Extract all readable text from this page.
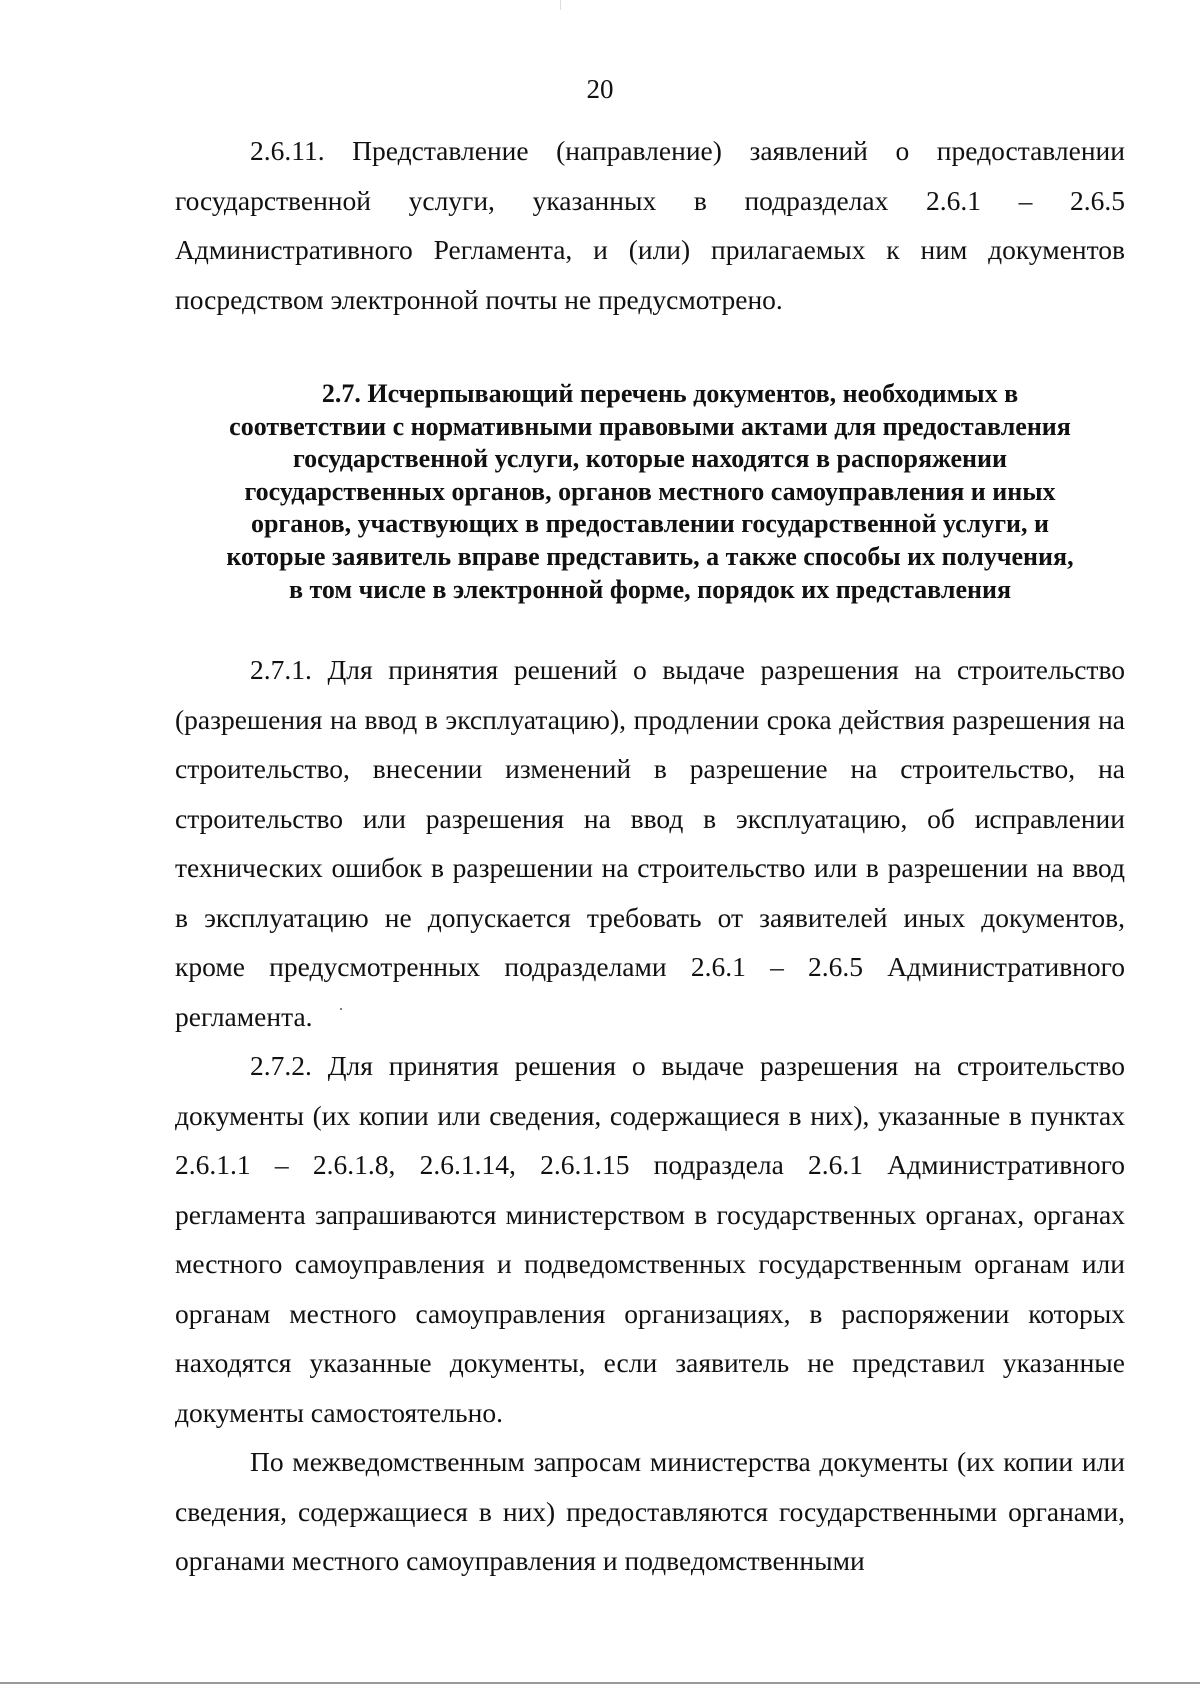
20

2.6.11. Представление (направление) заявлений о предоставлении государственной услуги, указанных в подразделах 2.6.1 – 2.6.5 Административного Регламента, и (или) прилагаемых к ним документов посредством электронной почты не предусмотрено.

2.7. Исчерпывающий перечень документов, необходимых в
соответствии с нормативными правовыми актами для предоставления
государственной услуги, которые находятся в распоряжении
государственных органов, органов местного самоуправления и иных
органов, участвующих в предоставлении государственной услуги, и
которые заявитель вправе представить, а также способы их получения,
в том числе в электронной форме, порядок их представления

2.7.1. Для принятия решений о выдаче разрешения на строительство (разрешения на ввод в эксплуатацию), продлении срока действия разрешения на строительство, внесении изменений в разрешение на строительство, на строительство или разрешения на ввод в эксплуатацию, об исправлении технических ошибок в разрешении на строительство или в разрешении на ввод в эксплуатацию не допускается требовать от заявителей иных документов, кроме предусмотренных подразделами 2.6.1 – 2.6.5 Административного регламента.

2.7.2. Для принятия решения о выдаче разрешения на строительство документы (их копии или сведения, содержащиеся в них), указанные в пунктах 2.6.1.1 – 2.6.1.8, 2.6.1.14, 2.6.1.15 подраздела 2.6.1 Административного регламента запрашиваются министерством в государственных органах, органах местного самоуправления и подведомственных государственным органам или органам местного самоуправления организациях, в распоряжении которых находятся указанные документы, если заявитель не представил указанные документы самостоятельно.

По межведомственным запросам министерства документы (их копии или сведения, содержащиеся в них) предоставляются государственными органами, органами местного самоуправления и подведомственными
